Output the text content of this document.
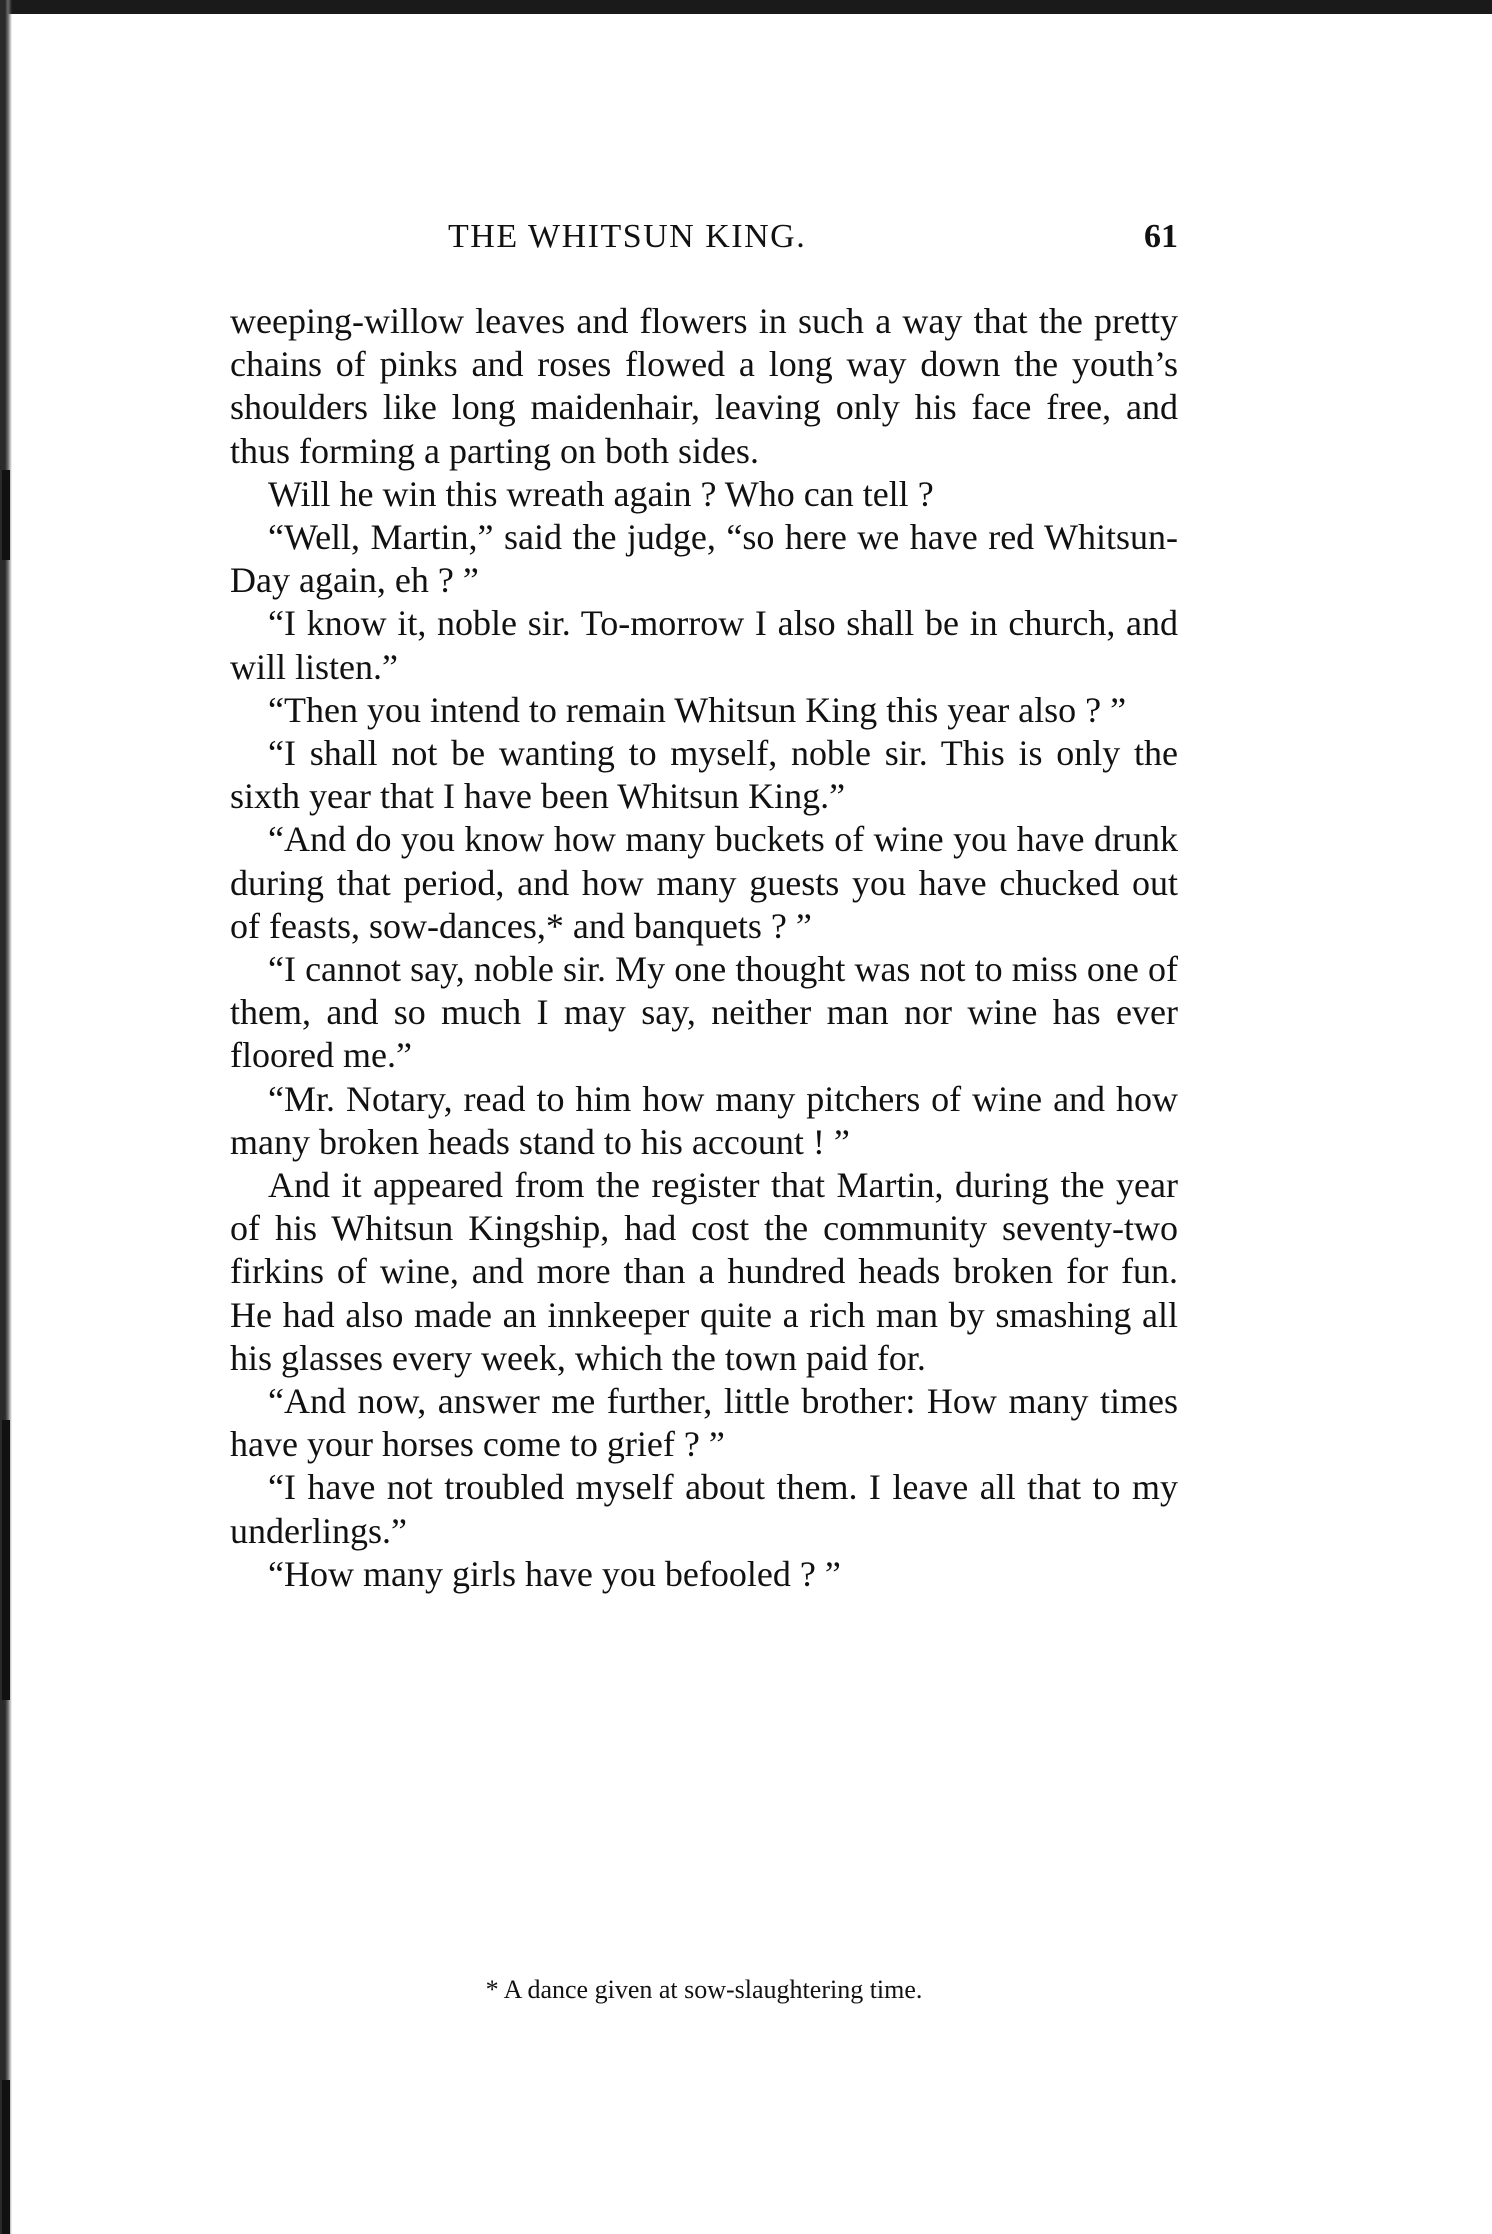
THE WHITSUN KING.	61

weeping-willow leaves and flowers in such a way that the pretty chains of pinks and roses flowed a long way down the youth’s shoulders like long maidenhair, leaving only his face free, and thus forming a parting on both sides.

Will he win this wreath again ? Who can tell ?

“Well, Martin,” said the judge, “so here we have red Whitsun-Day again, eh ? ”

“I know it, noble sir. To-morrow I also shall be in church, and will listen.”

“Then you intend to remain Whitsun King this year also ? ”

“I shall not be wanting to myself, noble sir. This is only the sixth year that I have been Whitsun King.”

“And do you know how many buckets of wine you have drunk during that period, and how many guests you have chucked out of feasts, sow-dances,* and banquets ? ”

“I cannot say, noble sir. My one thought was not to miss one of them, and so much I may say, neither man nor wine has ever floored me.”

“Mr. Notary, read to him how many pitchers of wine and how many broken heads stand to his account ! ”

And it appeared from the register that Martin, during the year of his Whitsun Kingship, had cost the community seventy-two firkins of wine, and more than a hundred heads broken for fun. He had also made an innkeeper quite a rich man by smashing all his glasses every week, which the town paid for.

“And now, answer me further, little brother: How many times have your horses come to grief ? ”

“I have not troubled myself about them. I leave all that to my underlings.”

“How many girls have you befooled ? ”

* A dance given at sow-slaughtering time.
